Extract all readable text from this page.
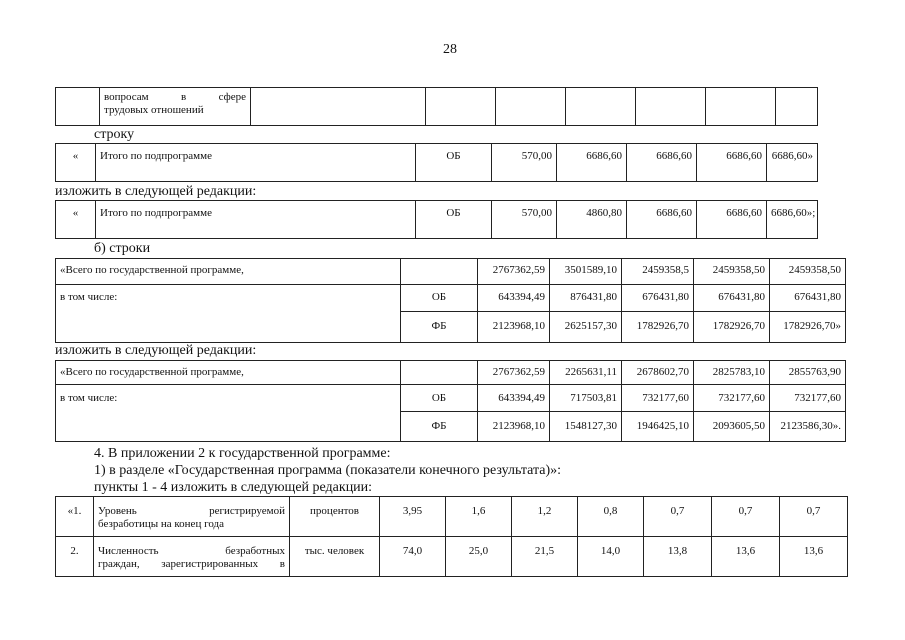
28

вопросам в сфере
трудовых отношений

строку
«	Итого по подпрограмме	ОБ	570,00	6686,60	6686,60	6686,60	6686,60»
изложить в следующей редакции:
«	Итого по подпрограмме	ОБ	570,00	4860,80	6686,60	6686,60	6686,60»;
б) строки
«Всего по государственной программе,		2767362,59	3501589,10	2459358,5	2459358,50	2459358,50
в том числе:	ОБ	643394,49	876431,80	676431,80	676431,80	676431,80
	ФБ	2123968,10	2625157,30	1782926,70	1782926,70	1782926,70»
изложить в следующей редакции:
«Всего по государственной программе,		2767362,59	2265631,11	2678602,70	2825783,10	2855763,90
в том числе:	ОБ	643394,49	717503,81	732177,60	732177,60	732177,60
	ФБ	2123968,10	1548127,30	1946425,10	2093605,50	2123586,30».
4. В приложении 2 к государственной программе:
1) в разделе «Государственная программа (показатели конечного результата)»:
пункты 1 - 4 изложить в следующей редакции:
«1.	Уровень регистрируемой
безработицы на конец года	процентов	3,95	1,6	1,2	0,8	0,7	0,7	0,7
2.	Численность безработных
граждан, зарегистрированных в	тыс. человек	74,0	25,0	21,5	14,0	13,8	13,6	13,6
